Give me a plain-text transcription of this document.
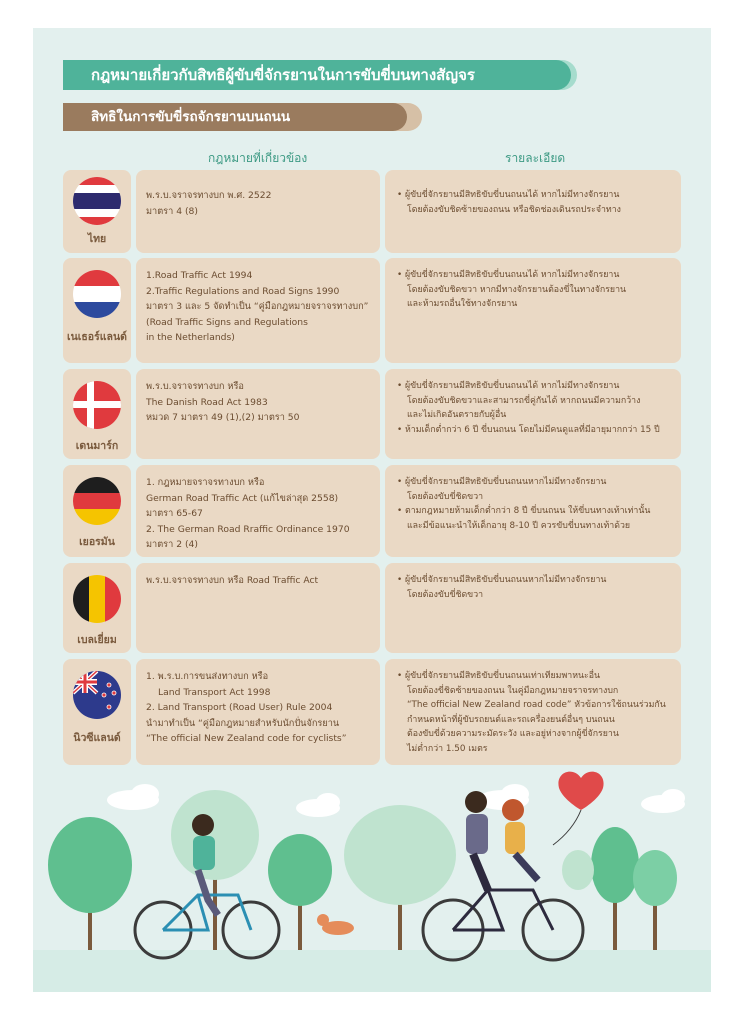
กฎหมายเกี่ยวกับสิทธิผู้ขับขี่จักรยานในการขับขี่บนทางสัญจร
สิทธิในการขับขี่รถจักรยานบนถนน
กฎหมายที่เกี่ยวข้อง	รายละเอียด
ไทย
พ.ร.บ.จราจรทางบก พ.ศ. 2522
มาตรา 4 (8)
• ผู้ขับขี่จักรยานมีสิทธิขับขี่บนถนนได้ หากไม่มีทางจักรยาน
โดยต้องขับชิดซ้ายของถนน หรือชิดช่องเดินรถประจำทาง
เนเธอร์แลนด์
1.Road Traffic Act 1994
2.Traffic Regulations and Road Signs 1990
มาตรา 3 และ 5 จัดทำเป็น “คู่มือกฎหมายจราจรทางบก”
(Road Traffic Signs and Regulations
in the Netherlands)
• ผู้ขับขี่จักรยานมีสิทธิขับขี่บนถนนได้ หากไม่มีทางจักรยาน
โดยต้องขับชิดขวา หากมีทางจักรยานต้องขี่ในทางจักรยาน
และห้ามรถอื่นใช้ทางจักรยาน
เดนมาร์ก
พ.ร.บ.จราจรทางบก หรือ
The Danish Road Act 1983
หมวด 7 มาตรา 49 (1),(2) มาตรา 50
• ผู้ขับขี่จักรยานมีสิทธิขับขี่บนถนนได้ หากไม่มีทางจักรยาน
โดยต้องขับชิดขวาและสามารถขี่คู่กันได้ หากถนนมีความกว้าง
และไม่เกิดอันตรายกับผู้อื่น
• ห้ามเด็กต่ำกว่า 6 ปี ขี่บนถนน โดยไม่มีคนดูแลที่มีอายุมากกว่า 15 ปี
เยอรมัน
1. กฎหมายจราจรทางบก หรือ
German Road Traffic Act (แก้ไขล่าสุด 2558)
มาตรา 65-67
2. The German Road Rraffic Ordinance 1970
มาตรา 2 (4)
• ผู้ขับขี่จักรยานมีสิทธิขับขี่บนถนนหากไม่มีทางจักรยาน
โดยต้องขับขี่ชิดขวา
• ตามกฎหมายห้ามเด็กต่ำกว่า 8 ปี ขี่บนถนน ให้ขี่บนทางเท้าเท่านั้น
และมีข้อแนะนำให้เด็กอายุ 8-10 ปี ควรขับขี่บนทางเท้าด้วย
เบลเยี่ยม
พ.ร.บ.จราจรทางบก หรือ Road Traffic Act	• ผู้ขับขี่จักรยานมีสิทธิขับขี่บนถนนหากไม่มีทางจักรยาน
โดยต้องขับขี่ชิดขวา
นิวซีแลนด์
1. พ.ร.บ.การขนส่งทางบก หรือ
Land Transport Act 1998
2. Land Transport (Road User) Rule 2004
นำมาทำเป็น “คู่มือกฎหมายสำหรับนักปั่นจักรยาน
“The official New Zealand code for cyclists”
• ผู้ขับขี่จักรยานมีสิทธิขับขี่บนถนนเท่าเทียมพาหนะอื่น
โดยต้องขี่ชิดซ้ายของถนน ในคู่มือกฎหมายจราจรทางบก
“The official New Zealand road code” หัวข้อการใช้ถนนร่วมกัน
กำหนดหน้าที่ผู้ขับรถยนต์และรถเครื่องยนต์อื่นๆ บนถนน
ต้องขับขี่ด้วยความระมัดระวัง และอยู่ห่างจากผู้ขี่จักรยาน
ไม่ต่ำกว่า 1.50 เมตร
